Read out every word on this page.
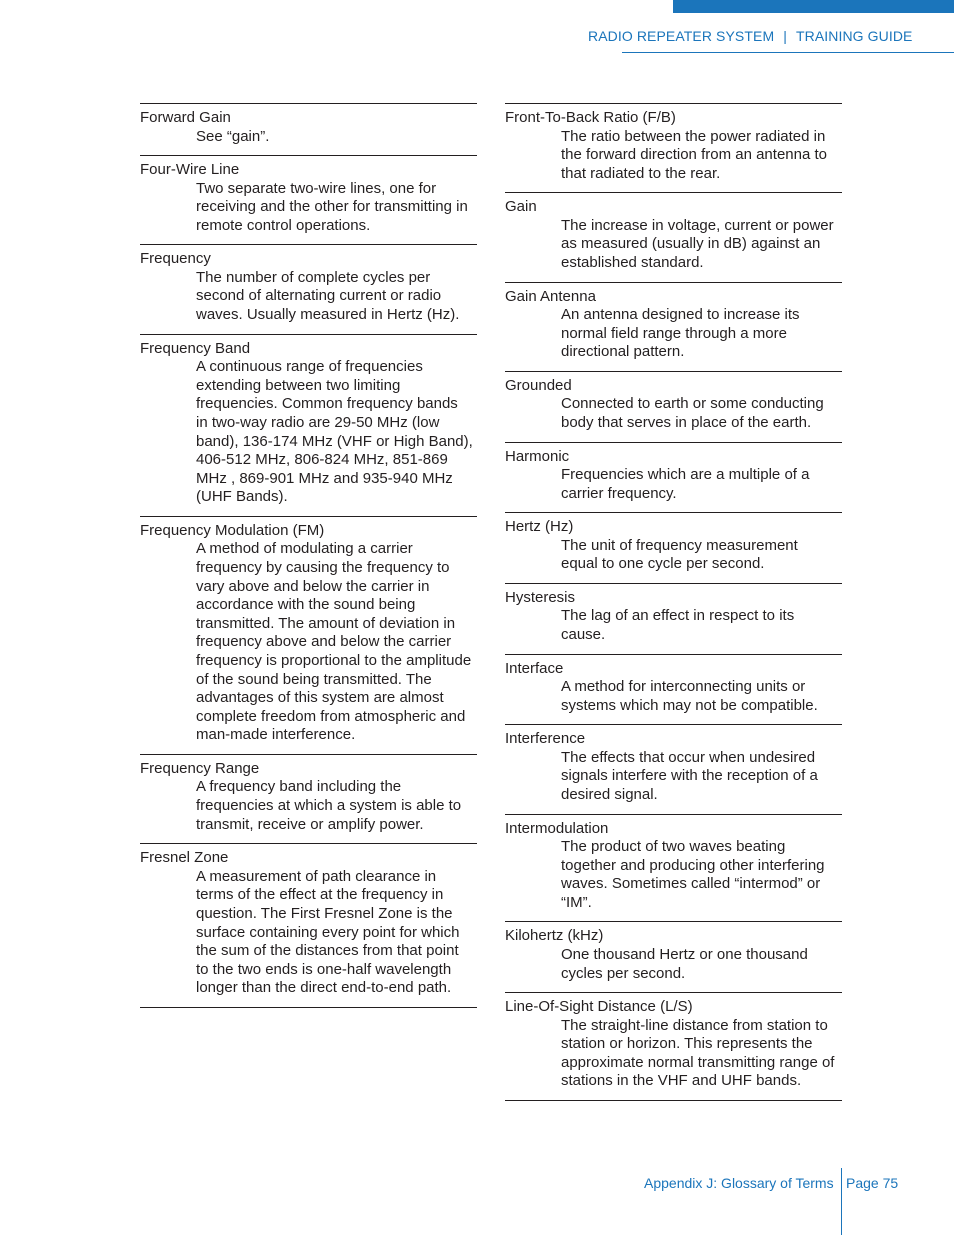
RADIO REPEATER SYSTEM | TRAINING GUIDE

Forward Gain

See “gain”.

Four-Wire Line

Two separate two-wire lines, one for receiving and the other for transmitting in remote control operations.

Frequency

The number of complete cycles per second of alternating current or radio waves. Usually measured in Hertz (Hz).

Frequency Band

A continuous range of frequencies extending between two limiting frequencies. Common frequency bands in two-way radio are 29-50 MHz (low band), 136-174 MHz (VHF or High Band), 406-512 MHz, 806-824 MHz, 851-869 MHz , 869-901 MHz and 935-940 MHz (UHF Bands).

Frequency Modulation (FM)

A method of modulating a carrier frequency by causing the frequency to vary above and below the carrier in accordance with the sound being transmitted. The amount of deviation in frequency above and below the carrier frequency is proportional to the amplitude of the sound being transmitted. The advantages of this system are almost complete freedom from atmospheric and man-made interference.

Frequency Range

A frequency band including the frequencies at which a system is able to transmit, receive or amplify power.

Fresnel Zone

A measurement of path clearance in terms of the effect at the frequency in question. The First Fresnel Zone is the surface containing every point for which the sum of the distances from that point to the two ends is one-half wavelength longer than the direct end-to-end path.

Front-To-Back Ratio (F/B)

The ratio between the power radiated in the forward direction from an antenna to that radiated to the rear.

Gain

The increase in voltage, current or power as measured (usually in dB) against an established standard.

Gain Antenna

An antenna designed to increase its normal field range through a more directional pattern.

Grounded

Connected to earth or some conducting body that serves in place of the earth.

Harmonic

Frequencies which are a multiple of a carrier frequency.

Hertz (Hz)

The unit of frequency measurement equal to one cycle per second.

Hysteresis

The lag of an effect in respect to its cause.

Interface

A method for interconnecting units or systems which may not be compatible.

Interference

The effects that occur when undesired signals interfere with the reception of a desired signal.

Intermodulation

The product of two waves beating together and producing other interfering waves. Sometimes called “intermod” or “IM”.

Kilohertz (kHz)

One thousand Hertz or one thousand cycles per second.

Line-Of-Sight Distance (L/S)

The straight-line distance from station to station or horizon. This represents the approximate normal transmitting range of stations in the VHF and UHF bands.

Appendix J: Glossary of Terms Page 75
